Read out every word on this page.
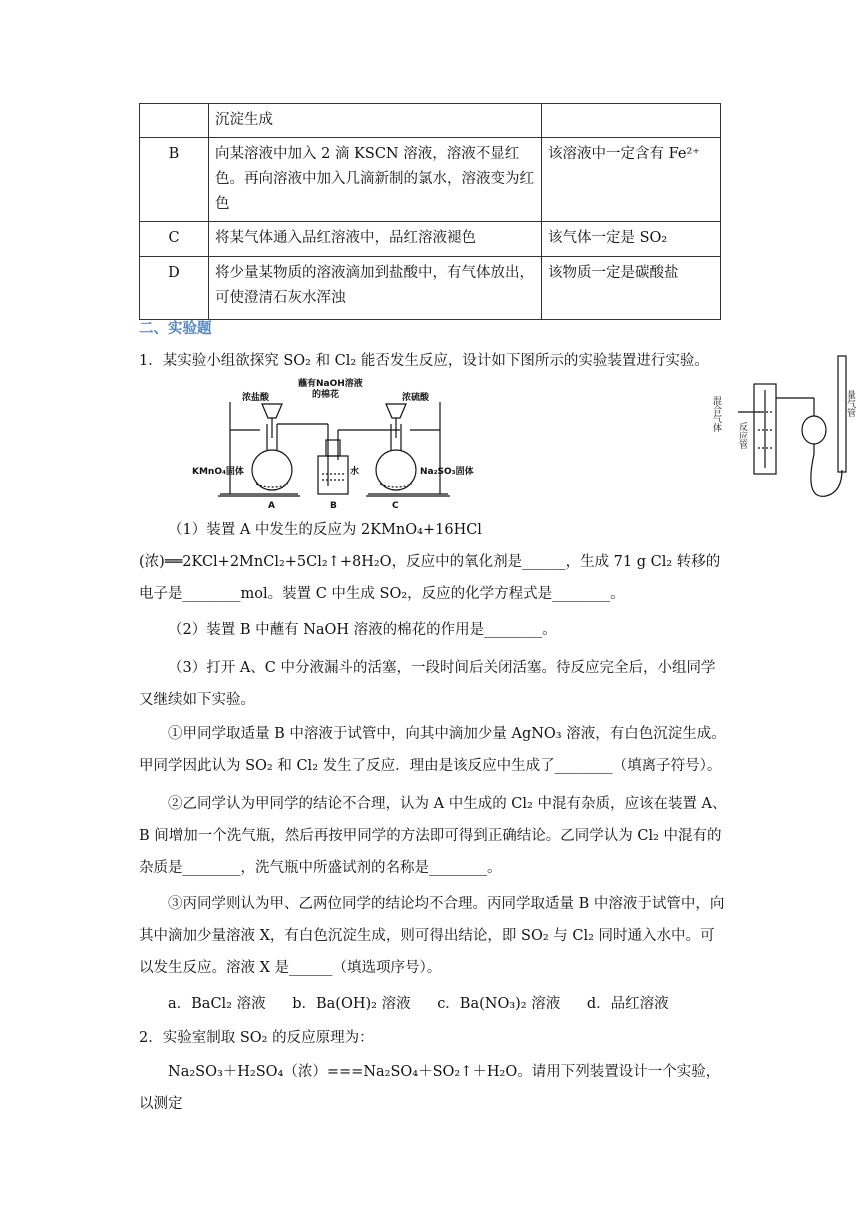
	沉淀生成	
B	向某溶液中加入 2 滴 KSCN 溶液，溶液不显红色。再向溶液中加入几滴新制的氯水，溶液变为红色	该溶液中一定含有 Fe²⁺
C	将某气体通入品红溶液中，品红溶液褪色	该气体一定是 SO₂
D	将少量某物质的溶液滴加到盐酸中，有气体放出，可使澄清石灰水浑浊	该物质一定是碳酸盐
二、实验题
1．某实验小组欲探究 SO₂ 和 Cl₂ 能否发生反应，设计如下图所示的实验装置进行实验。
浓盐酸
蘸有NaOH溶液
的棉花	浓硫酸
KMnO₄固体	水	Na₂SO₃固体
A	B	C
混合气体
反应管
量气管
（1）装置 A 中发生的反应为 2KMnO₄+16HCl (浓)══2KCl+2MnCl₂+5Cl₂↑+8H₂O，反应中的氧化剂是______，生成 71 g Cl₂ 转移的电子是________mol。装置 C 中生成 SO₂，反应的化学方程式是________。
（2）装置 B 中蘸有 NaOH 溶液的棉花的作用是________。
（3）打开 A、C 中分液漏斗的活塞，一段时间后关闭活塞。待反应完全后，小组同学又继续如下实验。
①甲同学取适量 B 中溶液于试管中，向其中滴加少量 AgNO₃ 溶液，有白色沉淀生成。甲同学因此认为 SO₂ 和 Cl₂ 发生了反应．理由是该反应中生成了________（填离子符号）。
②乙同学认为甲同学的结论不合理，认为 A 中生成的 Cl₂ 中混有杂质，应该在装置 A、B 间增加一个洗气瓶，然后再按甲同学的方法即可得到正确结论。乙同学认为 Cl₂ 中混有的杂质是________，洗气瓶中所盛试剂的名称是________。
③丙同学则认为甲、乙两位同学的结论均不合理。丙同学取适量 B 中溶液于试管中，向其中滴加少量溶液 X，有白色沉淀生成，则可得出结论，即 SO₂ 与 Cl₂ 同时通入水中。可以发生反应。溶液 X 是______（填选项序号）。
a．BaCl₂ 溶液 b．Ba(OH)₂ 溶液 c．Ba(NO₃)₂ 溶液 d．品红溶液
2．实验室制取 SO₂ 的反应原理为：
Na₂SO₃＋H₂SO₄（浓）===Na₂SO₄＋SO₂↑＋H₂O。请用下列装置设计一个实验，以测定
